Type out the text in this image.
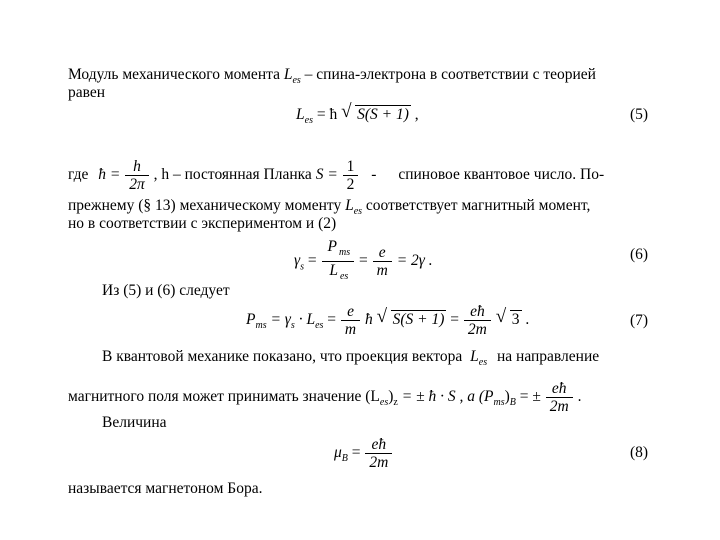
Модуль механического момента $L_{es}$ – спина-электрона в соответствии с теорией
равен
$L_{es}$ = ħ √ S(S + 1) ,	(5)
где ħ = $\frac{h}{2\pi}$ , h – постоянная Планка $S = \frac{1}{2}$ - спиновое квантовое число. По-
прежнему (§ 13) механическому моменту $L_{es}$ соответствует магнитный момент,
но в соответствии с экспериментом и (2)
$\gamma_s = \frac{P _{ms}}{L _{es}} = \frac{e}{m} = 2\gamma$ .	(6)
Из (5) и (6) следует
$P_{ms} = \gamma_s \cdot L_{es} = \frac{e}{m}$ ħ √ $S(S + 1) = \frac{eħ}{2m}$ √ 3 .	(7)
В квантовой механике показано, что проекция вектора $L_{es}$ на направление
магнитного поля может принимать значение $(L_{es})_z$ = ± ħ · S , а $(P_{ms})_B$ = ± $\frac{eħ}{2m}$ .
Величина
$\mu_B = \frac{eħ}{2m}$	(8)
называется магнетоном Бора.
